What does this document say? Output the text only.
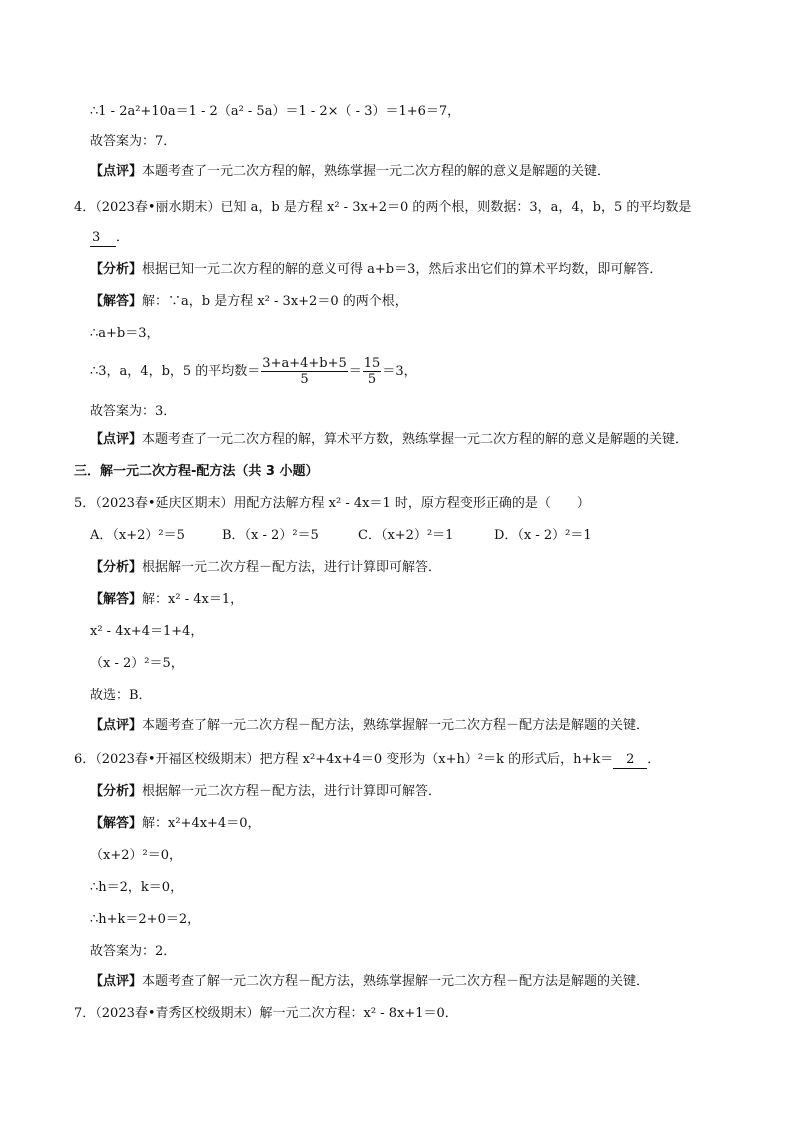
∴1 - 2a²+10a＝1 - 2（a² - 5a）＝1 - 2×（ - 3）＝1+6＝7，
故答案为：7．
【点评】本题考查了一元二次方程的解，熟练掌握一元二次方程的解的意义是解题的关键．
4．（2023春•丽水期末）已知 a，b 是方程 x² - 3x+2＝0 的两个根，则数据：3，a，4，b，5 的平均数是
3 ．
【分析】根据已知一元二次方程的解的意义可得 a+b＝3，然后求出它们的算术平均数，即可解答．
【解答】解：∵a，b 是方程 x² - 3x+2＝0 的两个根，
∴a+b＝3，
∴3，a，4，b，5 的平均数＝ $\frac{3+a+4+b+5}{5} = \frac{15}{5} =3$，
故答案为：3．
【点评】本题考查了一元二次方程的解，算术平方数，熟练掌握一元二次方程的解的意义是解题的关键．
三．解一元二次方程-配方法（共 3 小题）
5．（2023春•延庆区期末）用配方法解方程 x² - 4x＝1 时，原方程变形正确的是（　　）
A．（x+2）²＝5	B．（x - 2）²＝5	C．（x+2）²＝1	D．（x - 2）²＝1
【分析】根据解一元二次方程－配方法，进行计算即可解答．
【解答】解：x² - 4x＝1，
x² - 4x+4＝1+4，
（x - 2）²＝5，
故选：B．
【点评】本题考查了解一元二次方程－配方法，熟练掌握解一元二次方程－配方法是解题的关键．
6．（2023春•开福区校级期末）把方程 x²+4x+4＝0 变形为（x+h）²＝k 的形式后，h+k＝ 2 ．
【分析】根据解一元二次方程－配方法，进行计算即可解答．
【解答】解：x²+4x+4＝0，
（x+2）²＝0，
∴h＝2，k＝0，
∴h+k＝2+0＝2，
故答案为：2．
【点评】本题考查了解一元二次方程－配方法，熟练掌握解一元二次方程－配方法是解题的关键．
7．（2023春•青秀区校级期末）解一元二次方程：x² - 8x+1＝0．
